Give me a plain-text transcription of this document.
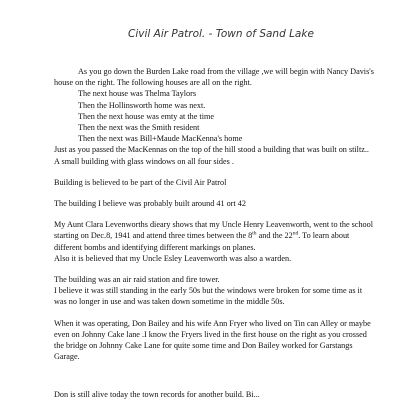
Civil Air Patrol. - Town of Sand Lake

As you go down the Burden Lake road from the village ,we will begin with Nancy Davis's house on the right. The following houses are all on the right.

The next house was Thelma Taylors
Then the Hollinsworth home was next.
Then the next house was emty at the time
Then the next was the Smith resident
Then the next was Bill+Maude MacKenna's home

Just as you passed the MacKennas on the top of the hill stood a building that was built on stiltz.. A small building with glass windows on all four sides .

Building is believed to be part of the Civil Air Patrol

The building I believe was probably built around 41 ort 42

My Aunt Clara Levenworths dieary shows that my Uncle Henry Leavenworth, went to the school starting on Dec.8, 1941 and attend three times between the 8th and the 22nd. To learn about different bombs and identifying different markings on planes.

Also it is believed that my Uncle Esley Leavenworth was also a warden.

The building was an air raid station and fire tower.

I believe it was still standing in the early 50s but the windows were broken for some time as it was no longer in use and was taken down sometime in the middle 50s.

When it was operating, Don Bailey and his wife Ann Fryer who lived on Tin can Alley or maybe even on Johnny Cake lane .I know the Fryers lived in the first house on the right as you crossed the bridge on Johnny Cake Lane for quite some time and Don Bailey worked for Garstangs Garage.

Don is still alive today the town records for another build. Bi...
